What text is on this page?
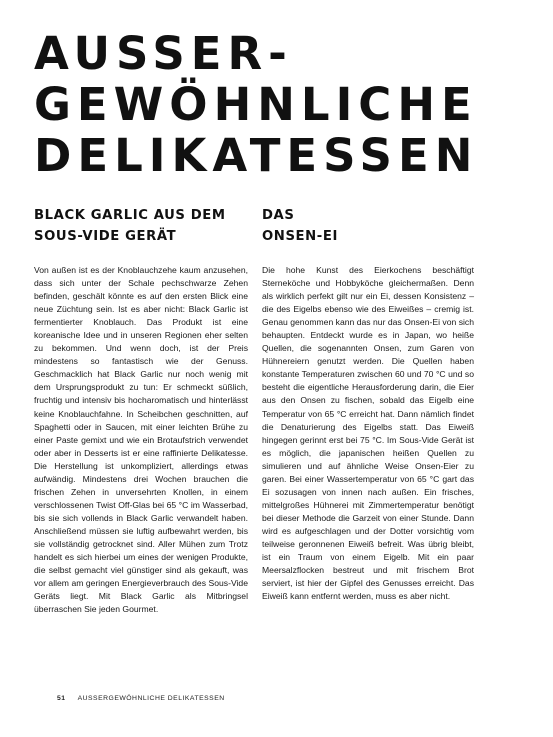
AUSSER-
GEWÖHNLICHE
DELIKATESSEN
BLACK GARLIC AUS DEM
SOUS-VIDE GERÄT
DAS
ONSEN-EI

Von außen ist es der Knoblauchzehe kaum anzusehen, dass sich unter der Schale pechschwarze Zehen befinden, geschält könnte es auf den ersten Blick eine neue Züchtung sein. Ist es aber nicht: Black Garlic ist fermentierter Knoblauch. Das Produkt ist eine koreanische Idee und in unseren Regionen eher selten zu bekommen. Und wenn doch, ist der Preis mindestens so fantastisch wie der Genuss. Geschmacklich hat Black Garlic nur noch wenig mit dem Ursprungsprodukt zu tun: Er schmeckt süßlich, fruchtig und intensiv bis hocharomatisch und hinterlässt keine Knoblauchfahne. In Scheibchen geschnitten, auf Spaghetti oder in Saucen, mit einer leichten Brühe zu einer Paste gemixt und wie ein Brotaufstrich verwendet oder aber in Desserts ist er eine raffinierte Delikatesse. Die Herstellung ist unkompliziert, allerdings etwas aufwändig. Mindestens drei Wochen brauchen die frischen Zehen in unversehrten Knollen, in einem verschlossenen Twist Off-Glas bei 65 °C im Wasserbad, bis sie sich vollends in Black Garlic verwandelt haben. Anschließend müssen sie luftig aufbewahrt werden, bis sie vollständig getrocknet sind. Aller Mühen zum Trotz handelt es sich hierbei um eines der wenigen Produkte, die selbst gemacht viel günstiger sind als gekauft, was vor allem am geringen Energieverbrauch des Sous-Vide Geräts liegt. Mit Black Garlic als Mitbringsel überraschen Sie jeden Gourmet.

Die hohe Kunst des Eierkochens beschäftigt Sterneköche und Hobbyköche gleichermaßen. Denn als wirklich perfekt gilt nur ein Ei, dessen Konsistenz – die des Eigelbs ebenso wie des Eiweißes – cremig ist. Genau genommen kann das nur das Onsen-Ei von sich behaupten. Entdeckt wurde es in Japan, wo heiße Quellen, die sogenannten Onsen, zum Garen von Hühnereiern genutzt werden. Die Quellen haben konstante Temperaturen zwischen 60 und 70 °C und so besteht die eigentliche Herausforderung darin, die Eier aus den Onsen zu fischen, sobald das Eigelb eine Temperatur von 65 °C erreicht hat. Dann nämlich findet die Denaturierung des Eigelbs statt. Das Eiweiß hingegen gerinnt erst bei 75 °C. Im Sous-Vide Gerät ist es möglich, die japanischen heißen Quellen zu simulieren und auf ähnliche Weise Onsen-Eier zu garen. Bei einer Wassertemperatur von 65 °C gart das Ei sozusagen von innen nach außen. Ein frisches, mittelgroßes Hühnerei mit Zimmertemperatur benötigt bei dieser Methode die Garzeit von einer Stunde. Dann wird es aufgeschlagen und der Dotter vorsichtig vom teilweise geronnenen Eiweiß befreit. Was übrig bleibt, ist ein Traum von einem Eigelb. Mit ein paar Meersalzflocken bestreut und mit frischem Brot serviert, ist hier der Gipfel des Genusses erreicht. Das Eiweiß kann entfernt werden, muss es aber nicht.

51 AUSSERGEWÖHNLICHE DELIKATESSEN
